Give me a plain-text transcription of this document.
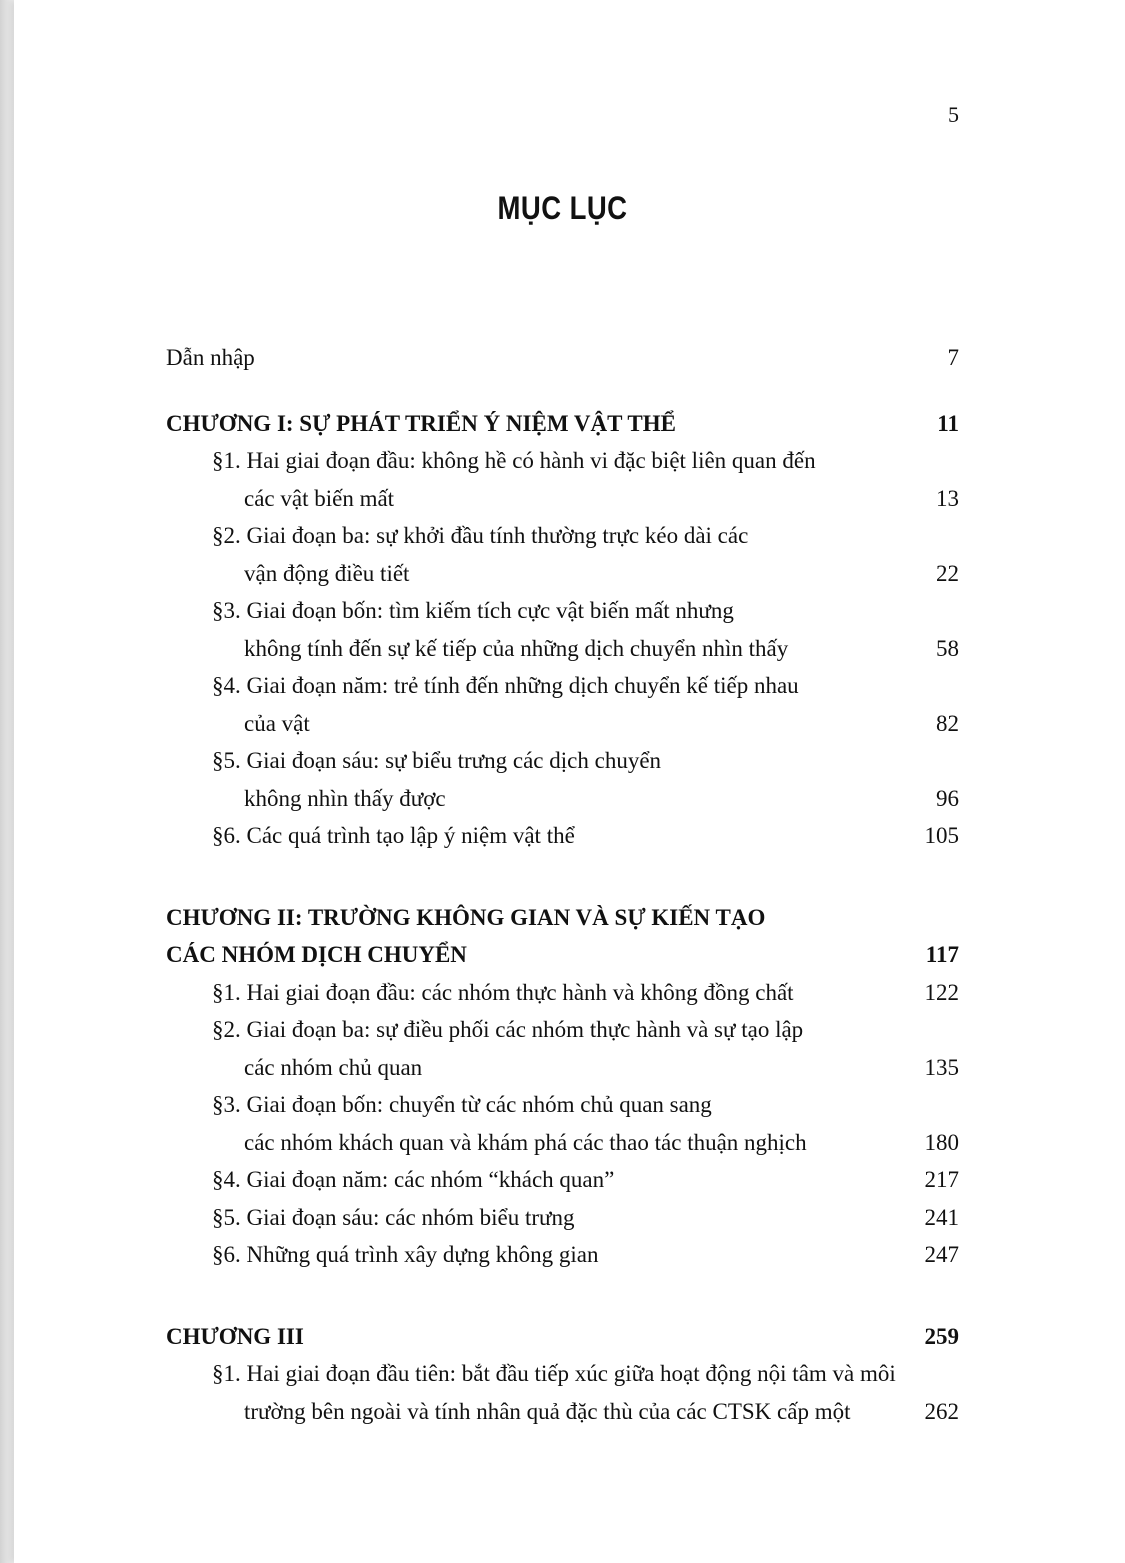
5
MỤC LỤC
Dẫn nhập	7
CHƯƠNG I: SỰ PHÁT TRIỂN Ý NIỆM VẬT THỂ	11
§1. Hai giai đoạn đầu: không hề có hành vi đặc biệt liên quan đến
các vật biến mất	13
§2. Giai đoạn ba: sự khởi đầu tính thường trực kéo dài các
vận động điều tiết	22
§3. Giai đoạn bốn: tìm kiếm tích cực vật biến mất nhưng
không tính đến sự kế tiếp của những dịch chuyển nhìn thấy	58
§4. Giai đoạn năm: trẻ tính đến những dịch chuyển kế tiếp nhau
của vật	82
§5. Giai đoạn sáu: sự biểu trưng các dịch chuyển
không nhìn thấy được	96
§6. Các quá trình tạo lập ý niệm vật thể	105
CHƯƠNG II: TRƯỜNG KHÔNG GIAN VÀ SỰ KIẾN TẠO
CÁC NHÓM DỊCH CHUYỂN	117
§1. Hai giai đoạn đầu: các nhóm thực hành và không đồng chất	122
§2. Giai đoạn ba: sự điều phối các nhóm thực hành và sự tạo lập
các nhóm chủ quan	135
§3. Giai đoạn bốn: chuyển từ các nhóm chủ quan sang
các nhóm khách quan và khám phá các thao tác thuận nghịch	180
§4. Giai đoạn năm: các nhóm “khách quan”	217
§5. Giai đoạn sáu: các nhóm biểu trưng	241
§6. Những quá trình xây dựng không gian	247
CHƯƠNG III	259
§1. Hai giai đoạn đầu tiên: bắt đầu tiếp xúc giữa hoạt động nội tâm và môi
trường bên ngoài và tính nhân quả đặc thù của các CTSK cấp một	262
